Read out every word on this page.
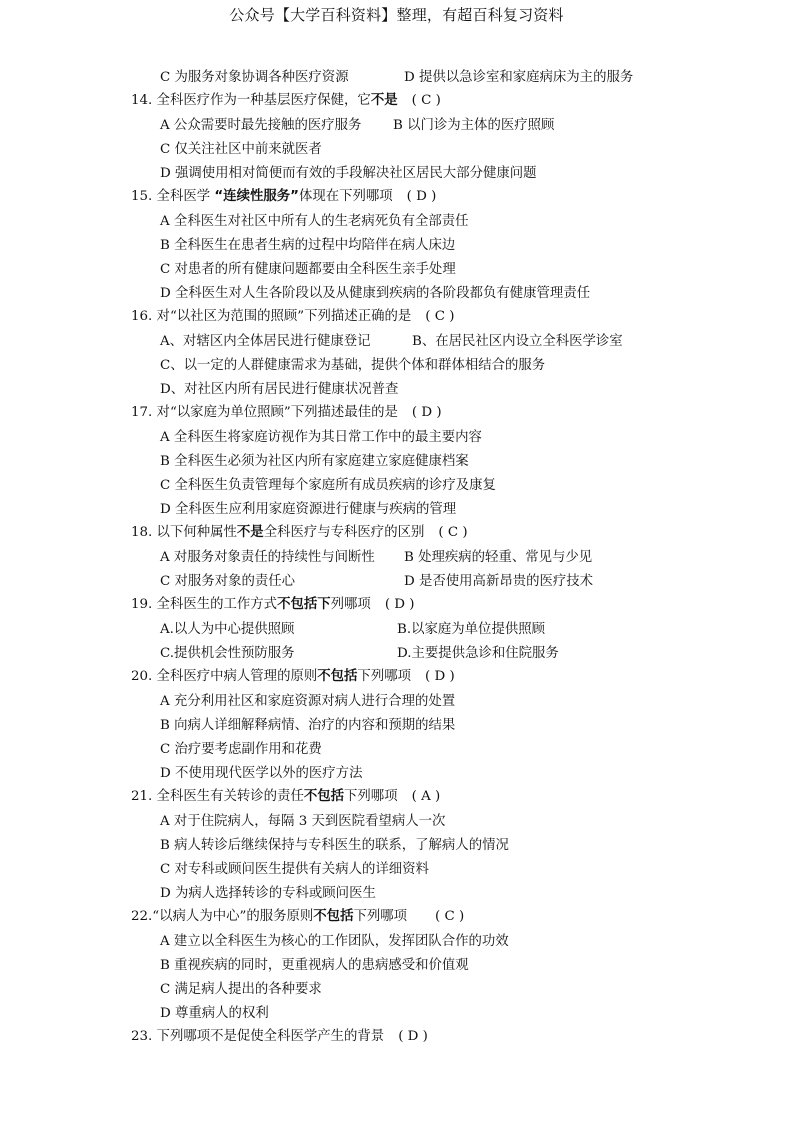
公众号【大学百科资料】整理，有超百科复习资料
C 为服务对象协调各种医疗资源	D 提供以急诊室和家庭病床为主的服务
14. 全科医疗作为一种基层医疗保健，它不是 ( C )
A 公众需要时最先接触的医疗服务 B 以门诊为主体的医疗照顾
C 仅关注社区中前来就医者
D 强调使用相对简便而有效的手段解决社区居民大部分健康问题
15. 全科医学 “连续性服务”体现在下列哪项 ( D )
A 全科医生对社区中所有人的生老病死负有全部责任
B 全科医生在患者生病的过程中均陪伴在病人床边
C 对患者的所有健康问题都要由全科医生亲手处理
D 全科医生对人生各阶段以及从健康到疾病的各阶段都负有健康管理责任
16. 对“以社区为范围的照顾”下列描述正确的是 ( C )
A、对辖区内全体居民进行健康登记	B、在居民社区内设立全科医学诊室
C、以一定的人群健康需求为基础，提供个体和群体相结合的服务
D、对社区内所有居民进行健康状况普查
17. 对“以家庭为单位照顾”下列描述最佳的是 ( D )
A 全科医生将家庭访视作为其日常工作中的最主要内容
B 全科医生必须为社区内所有家庭建立家庭健康档案
C 全科医生负责管理每个家庭所有成员疾病的诊疗及康复
D 全科医生应利用家庭资源进行健康与疾病的管理
18. 以下何种属性不是全科医疗与专科医疗的区别 ( C )
A 对服务对象责任的持续性与间断性 B 处理疾病的轻重、常见与少见
C 对服务对象的责任心	D 是否使用高新昂贵的医疗技术
19. 全科医生的工作方式不包括下列哪项 ( D )
A.以人为中心提供照顾	B.以家庭为单位提供照顾
C.提供机会性预防服务	D.主要提供急诊和住院服务
20. 全科医疗中病人管理的原则不包括下列哪项 ( D )
A 充分利用社区和家庭资源对病人进行合理的处置
B 向病人详细解释病情、治疗的内容和预期的结果
C 治疗要考虑副作用和花费
D 不使用现代医学以外的医疗方法
21. 全科医生有关转诊的责任不包括下列哪项 ( A )
A 对于住院病人，每隔 3 天到医院看望病人一次
B 病人转诊后继续保持与专科医生的联系，了解病人的情况
C 对专科或顾问医生提供有关病人的详细资料
D 为病人选择转诊的专科或顾问医生
22.“以病人为中心”的服务原则不包括下列哪项 ( C )
A 建立以全科医生为核心的工作团队，发挥团队合作的功效
B 重视疾病的同时，更重视病人的患病感受和价值观
C 满足病人提出的各种要求
D 尊重病人的权利
23. 下列哪项不是促使全科医学产生的背景 ( D )
